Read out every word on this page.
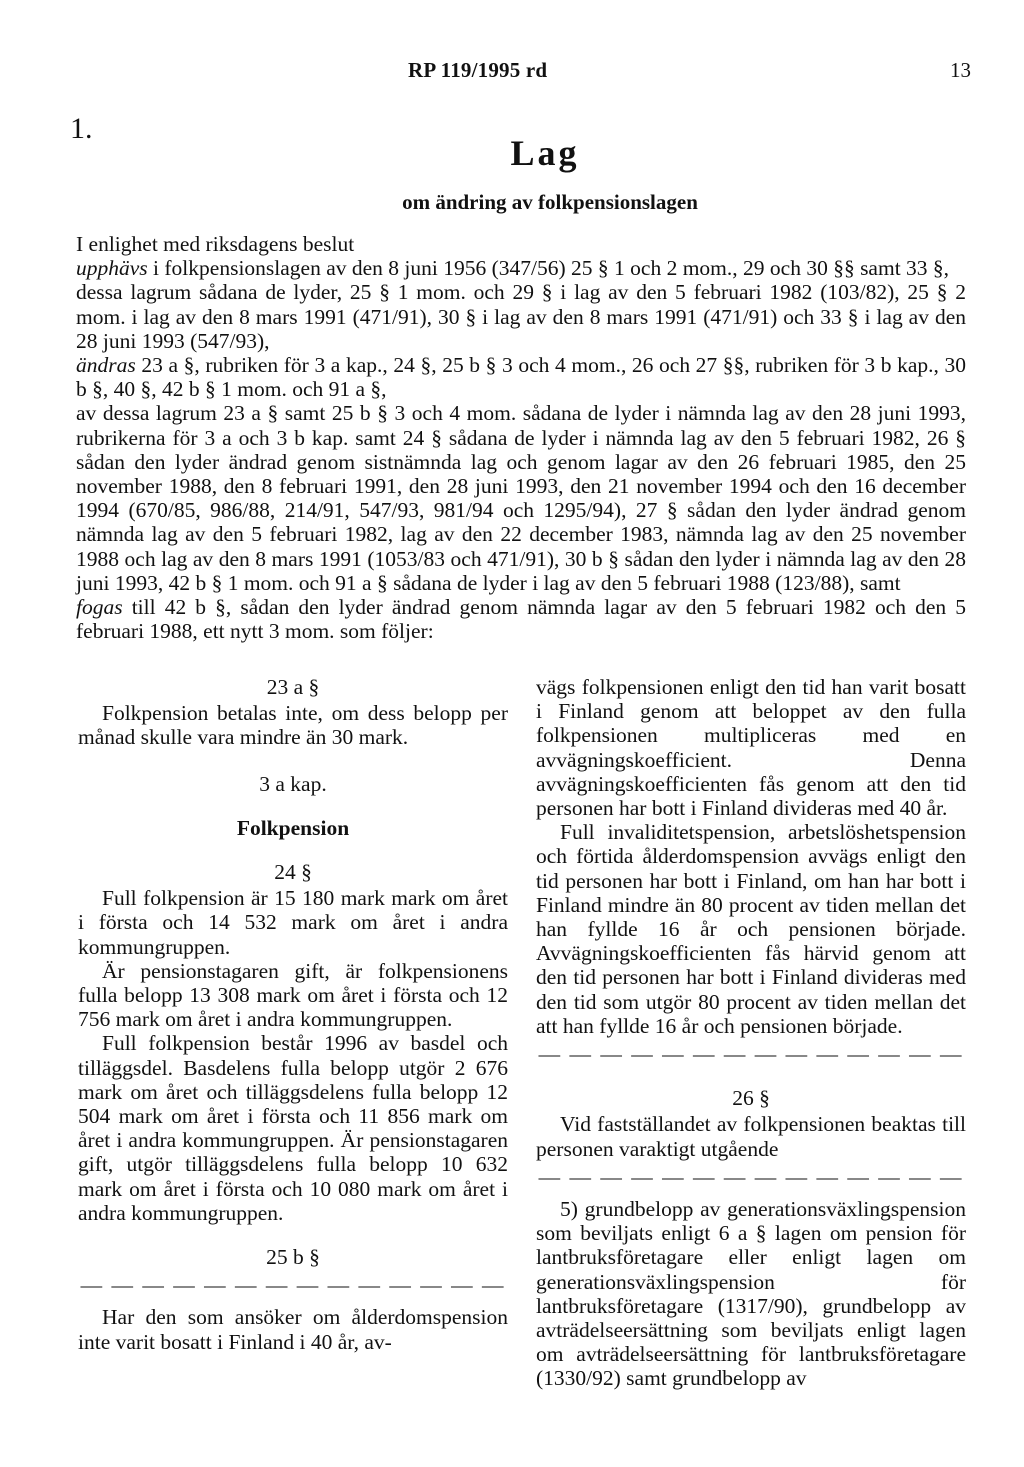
RP 119/1995 rd	13
1.
Lag
om ändring av folkpensionslagen

I enlighet med riksdagens beslut

upphävs i folkpensionslagen av den 8 juni 1956 (347/56) 25 § 1 och 2 mom., 29 och 30 §§ samt 33 §,

dessa lagrum sådana de lyder, 25 § 1 mom. och 29 § i lag av den 5 februari 1982 (103/82), 25 § 2 mom. i lag av den 8 mars 1991 (471/91), 30 § i lag av den 8 mars 1991 (471/91) och 33 § i lag av den 28 juni 1993 (547/93),

ändras 23 a §, rubriken för 3 a kap., 24 §, 25 b § 3 och 4 mom., 26 och 27 §§, rubriken för 3 b kap., 30 b §, 40 §, 42 b § 1 mom. och 91 a §,

av dessa lagrum 23 a § samt 25 b § 3 och 4 mom. sådana de lyder i nämnda lag av den 28 juni 1993, rubrikerna för 3 a och 3 b kap. samt 24 § sådana de lyder i nämnda lag av den 5 februari 1982, 26 § sådan den lyder ändrad genom sistnämnda lag och genom lagar av den 26 februari 1985, den 25 november 1988, den 8 februari 1991, den 28 juni 1993, den 21 november 1994 och den 16 december 1994 (670/85, 986/88, 214/91, 547/93, 981/94 och 1295/94), 27 § sådan den lyder ändrad genom nämnda lag av den 5 februari 1982, lag av den 22 december 1983, nämnda lag av den 25 november 1988 och lag av den 8 mars 1991 (1053/83 och 471/91), 30 b § sådan den lyder i nämnda lag av den 28 juni 1993, 42 b § 1 mom. och 91 a § sådana de lyder i lag av den 5 februari 1988 (123/88), samt

fogas till 42 b §, sådan den lyder ändrad genom nämnda lagar av den 5 februari 1982 och den 5 februari 1988, ett nytt 3 mom. som följer:

23 a §

Folkpension betalas inte, om dess belopp per månad skulle vara mindre än 30 mark.

3 a kap.

Folkpension

24 §

Full folkpension är 15 180 mark mark om året i första och 14 532 mark om året i andra kommungruppen.

Är pensionstagaren gift, är folkpensionens fulla belopp 13 308 mark om året i första och 12 756 mark om året i andra kommungruppen.

Full folkpension består 1996 av basdel och tilläggsdel. Basdelens fulla belopp utgör 2 676 mark om året och tilläggsdelens fulla belopp 12 504 mark om året i första och 11 856 mark om året i andra kommungruppen. Är pensionstagaren gift, utgör tilläggsdelens fulla belopp 10 632 mark om året i första och 10 080 mark om året i andra kommungruppen.

25 b §

— — — — — — — — — — — — — —

Har den som ansöker om ålderdomspension inte varit bosatt i Finland i 40 år, av-

vägs folkpensionen enligt den tid han varit bosatt i Finland genom att beloppet av den fulla folkpensionen multipliceras med en avvägningskoefficient. Denna avvägningskoefficienten fås genom att den tid personen har bott i Finland divideras med 40 år.

Full invaliditetspension, arbetslöshetspension och förtida ålderdomspension avvägs enligt den tid personen har bott i Finland, om han har bott i Finland mindre än 80 procent av tiden mellan det han fyllde 16 år och pensionen började. Avvägningskoefficienten fås härvid genom att den tid personen har bott i Finland divideras med den tid som utgör 80 procent av tiden mellan det att han fyllde 16 år och pensionen började.

— — — — — — — — — — — — — —

26 §

Vid fastställandet av folkpensionen beaktas till personen varaktigt utgående

— — — — — — — — — — — — — —

5) grundbelopp av generationsväxlingspension som beviljats enligt 6 a § lagen om pension för lantbruksföretagare eller enligt lagen om generationsväxlingspension för lantbruksföretagare (1317/90), grundbelopp av avträdelseersättning som beviljats enligt lagen om avträdelseersättning för lantbruksföretagare (1330/92) samt grundbelopp av
